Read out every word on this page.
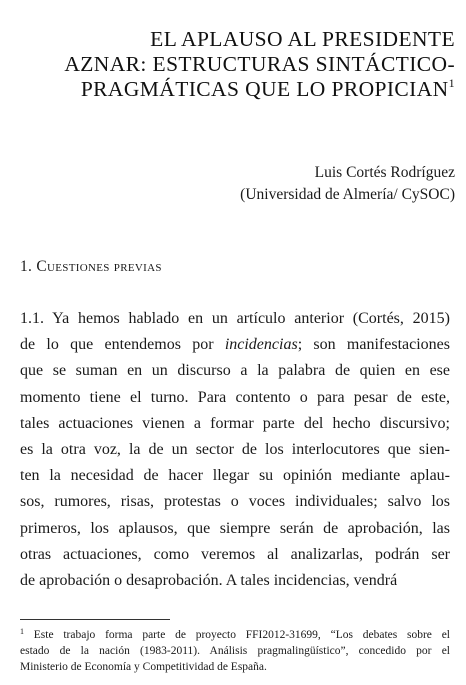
EL APLAUSO AL PRESIDENTE
AZNAR: ESTRUCTURAS SINTÁCTICO-
PRAGMÁTICAS QUE LO PROPICIAN$^1$
Luis Cortés Rodríguez
(Universidad de Almería/ CySOC)
1. Cuestiones previas
1.1. Ya hemos hablado en un artículo anterior (Cortés, 2015)
de lo que entendemos por incidencias; son manifestaciones
que se suman en un discurso a la palabra de quien en ese
momento tiene el turno. Para contento o para pesar de este,
tales actuaciones vienen a formar parte del hecho discursivo;
es la otra voz, la de un sector de los interlocutores que sien-
ten la necesidad de hacer llegar su opinión mediante aplau-
sos, rumores, risas, protestas o voces individuales; salvo los
primeros, los aplausos, que siempre serán de aprobación, las
otras actuaciones, como veremos al analizarlas, podrán ser
de aprobación o desaprobación. A tales incidencias, vendrá
$^1$ Este trabajo forma parte de proyecto FFI2012-31699, “Los debates sobre el
estado de la nación (1983-2011). Análisis pragmalingüístico”, concedido por el
Ministerio de Economía y Competitividad de España.
